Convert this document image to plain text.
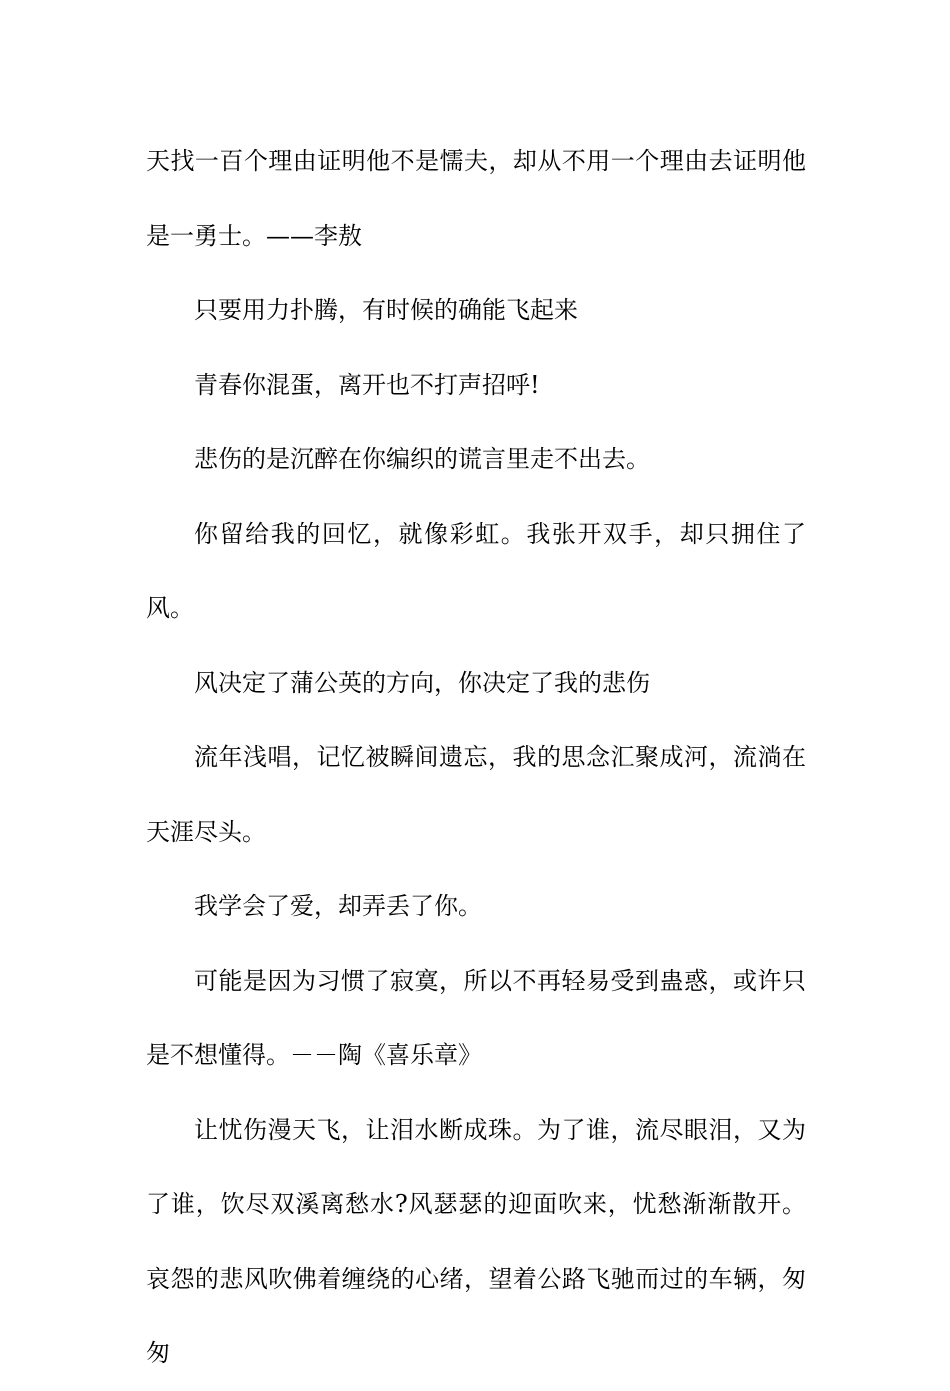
天找一百个理由证明他不是懦夫，却从不用一个理由去证明他是一勇士。——李敖

只要用力扑腾，有时候的确能飞起来

青春你混蛋，离开也不打声招呼!

悲伤的是沉醉在你编织的谎言里走不出去。

你留给我的回忆，就像彩虹。我张开双手，却只拥住了风。

风决定了蒲公英的方向，你决定了我的悲伤

流年浅唱，记忆被瞬间遗忘，我的思念汇聚成河，流淌在天涯尽头。

我学会了爱，却弄丢了你。

可能是因为习惯了寂寞，所以不再轻易受到蛊惑，或许只是不想懂得。－－陶《喜乐章》

让忧伤漫天飞，让泪水断成珠。为了谁，流尽眼泪，又为了谁，饮尽双溪离愁水?风瑟瑟的迎面吹来，忧愁渐渐散开。哀怨的悲风吹佛着缠绕的心绪，望着公路飞驰而过的车辆，匆匆
